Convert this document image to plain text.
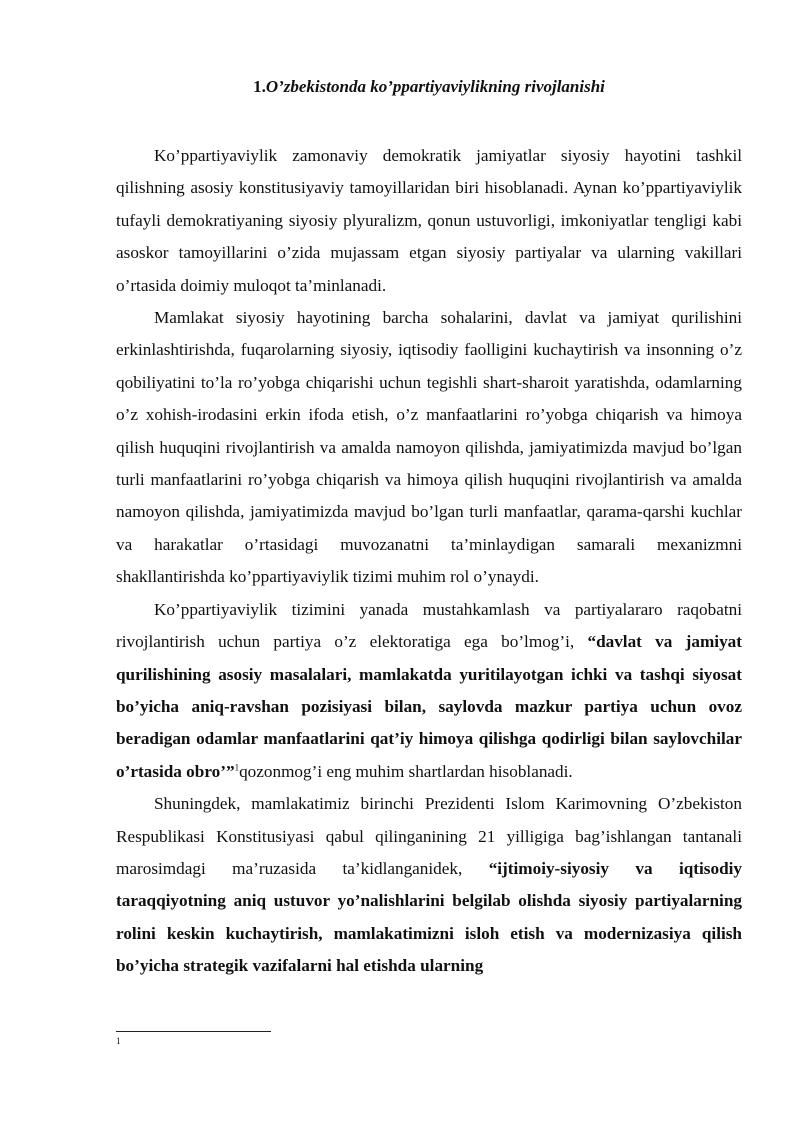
1.O’zbekistonda ko’ppartiyaviylikning rivojlanishi

Ko’ppartiyaviylik zamonaviy demokratik jamiyatlar siyosiy hayotini tashkil qilishning asosiy konstitusiyaviy tamoyillaridan biri hisoblanadi. Aynan ko’ppartiyaviylik tufayli demokratiyaning siyosiy plyuralizm, qonun ustuvorligi, imkoniyatlar tengligi kabi asoskor tamoyillarini o’zida mujassam etgan siyosiy partiyalar va ularning vakillari o’rtasida doimiy muloqot ta’minlanadi.

Mamlakat siyosiy hayotining barcha sohalarini, davlat va jamiyat qurilishini erkinlashtirishda, fuqarolarning siyosiy, iqtisodiy faolligini kuchaytirish va insonning o’z qobiliyatini to’la ro’yobga chiqarishi uchun tegishli shart-sharoit yaratishda, odamlarning o’z xohish-irodasini erkin ifoda etish, o’z manfaatlarini ro’yobga chiqarish va himoya qilish huquqini rivojlantirish va amalda namoyon qilishda, jamiyatimizda mavjud bo’lgan turli manfaatlarini ro’yobga chiqarish va himoya qilish huquqini rivojlantirish va amalda namoyon qilishda, jamiyatimizda mavjud bo’lgan turli manfaatlar, qarama-qarshi kuchlar va harakatlar o’rtasidagi muvozanatni ta’minlaydigan samarali mexanizmni shakllantirishda ko’ppartiyaviylik tizimi muhim rol o’ynaydi.

Ko’ppartiyaviylik tizimini yanada mustahkamlash va partiyalararo raqobatni rivojlantirish uchun partiya o’z elektoratiga ega bo’lmog’i, “davlat va jamiyat qurilishining asosiy masalalari, mamlakatda yuritilayotgan ichki va tashqi siyosat bo’yicha aniq-ravshan pozisiyasi bilan, saylovda mazkur partiya uchun ovoz beradigan odamlar manfaatlarini qat’iy himoya qilishga qodirligi bilan saylovchilar o’rtasida obro’”$^1$qozonmog’i eng muhim shartlardan hisoblanadi.

Shuningdek, mamlakatimiz birinchi Prezidenti Islom Karimovning O’zbekiston Respublikasi Konstitusiyasi qabul qilinganining 21 yilligiga bag’ishlangan tantanali marosimdagi ma’ruzasida ta’kidlanganidek, “ijtimoiy-siyosiy va iqtisodiy taraqqiyotning aniq ustuvor yo’nalishlarini belgilab olishda siyosiy partiyalarning rolini keskin kuchaytirish, mamlakatimizni isloh etish va modernizasiya qilish bo’yicha strategik vazifalarni hal etishda ularning

1
